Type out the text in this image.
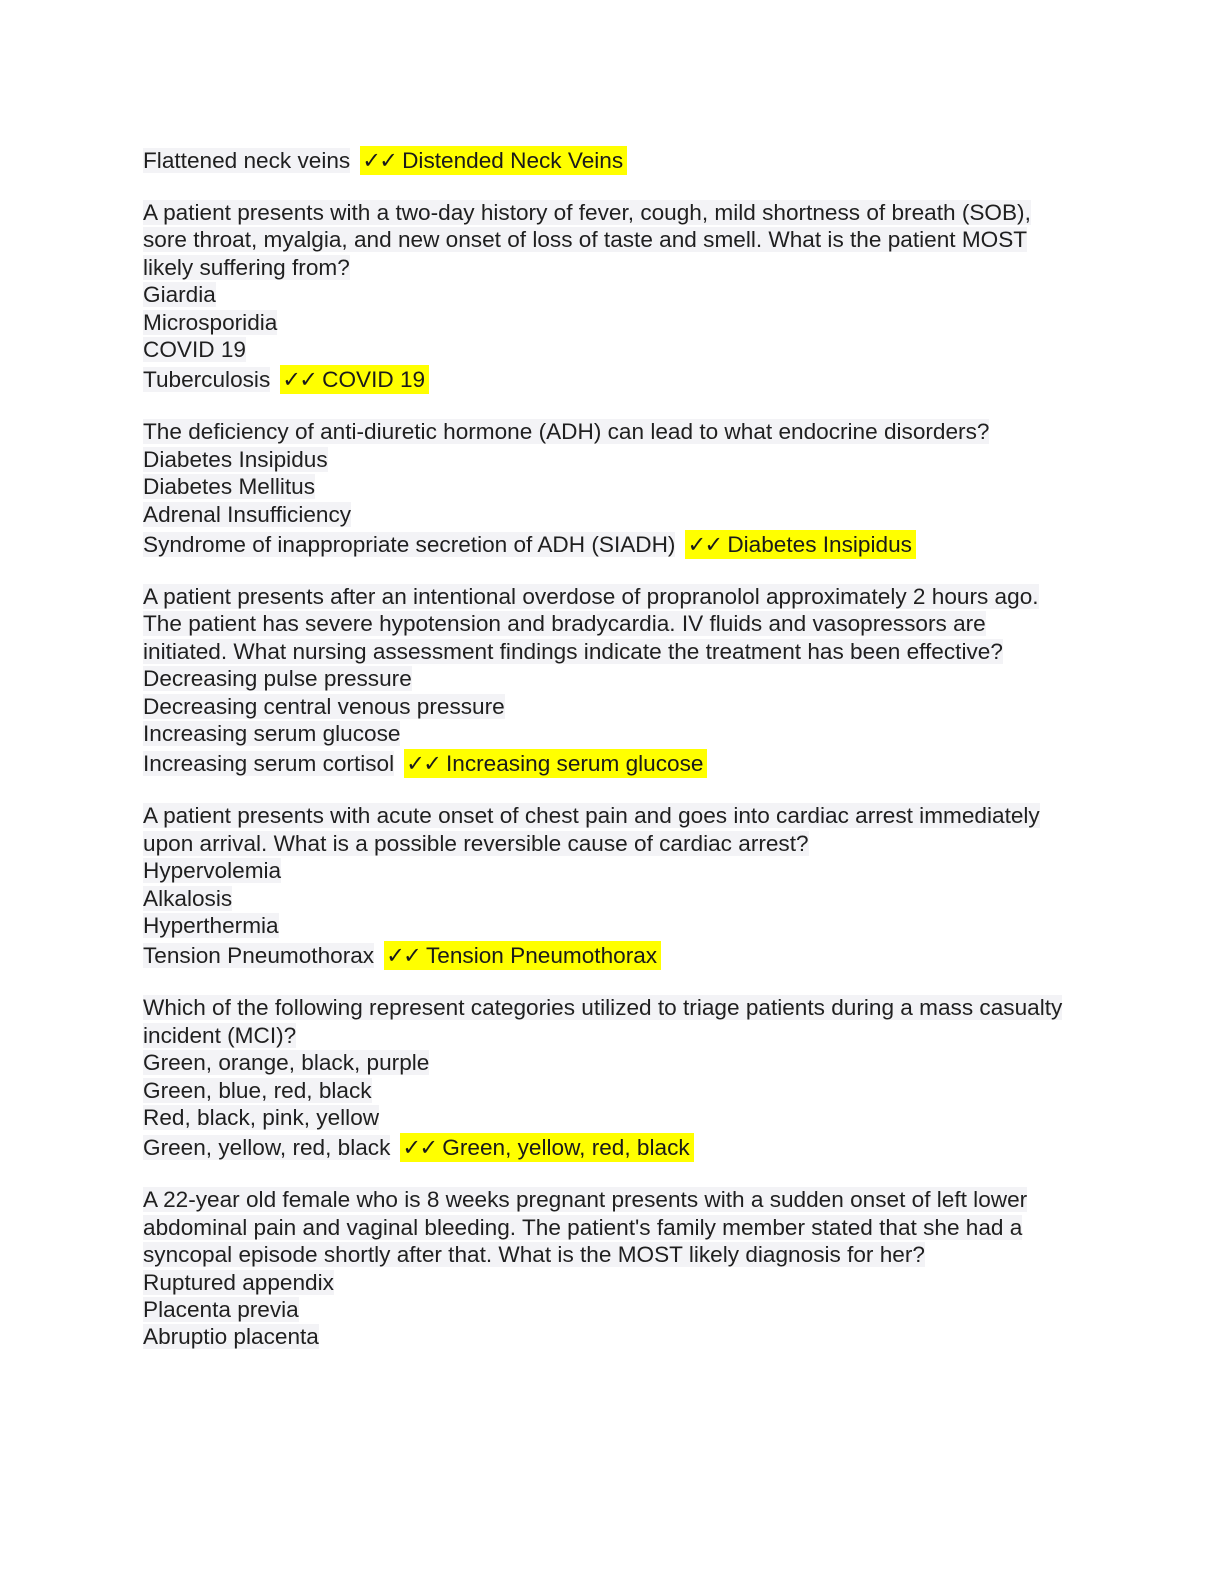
Flattened neck veins ✓✓ Distended Neck Veins
A patient presents with a two-day history of fever, cough, mild shortness of breath (SOB), sore throat, myalgia, and new onset of loss of taste and smell. What is the patient MOST likely suffering from?
Giardia
Microsporidia
COVID 19
Tuberculosis ✓✓ COVID 19
The deficiency of anti-diuretic hormone (ADH) can lead to what endocrine disorders?
Diabetes Insipidus
Diabetes Mellitus
Adrenal Insufficiency
Syndrome of inappropriate secretion of ADH (SIADH) ✓✓ Diabetes Insipidus
A patient presents after an intentional overdose of propranolol approximately 2 hours ago. The patient has severe hypotension and bradycardia. IV fluids and vasopressors are initiated. What nursing assessment findings indicate the treatment has been effective?
Decreasing pulse pressure
Decreasing central venous pressure
Increasing serum glucose
Increasing serum cortisol ✓✓ Increasing serum glucose
A patient presents with acute onset of chest pain and goes into cardiac arrest immediately upon arrival. What is a possible reversible cause of cardiac arrest?
Hypervolemia
Alkalosis
Hyperthermia
Tension Pneumothorax ✓✓ Tension Pneumothorax
Which of the following represent categories utilized to triage patients during a mass casualty incident (MCI)?
Green, orange, black, purple
Green, blue, red, black
Red, black, pink, yellow
Green, yellow, red, black ✓✓ Green, yellow, red, black
A 22-year old female who is 8 weeks pregnant presents with a sudden onset of left lower abdominal pain and vaginal bleeding. The patient's family member stated that she had a syncopal episode shortly after that. What is the MOST likely diagnosis for her?
Ruptured appendix
Placenta previa
Abruptio placenta
